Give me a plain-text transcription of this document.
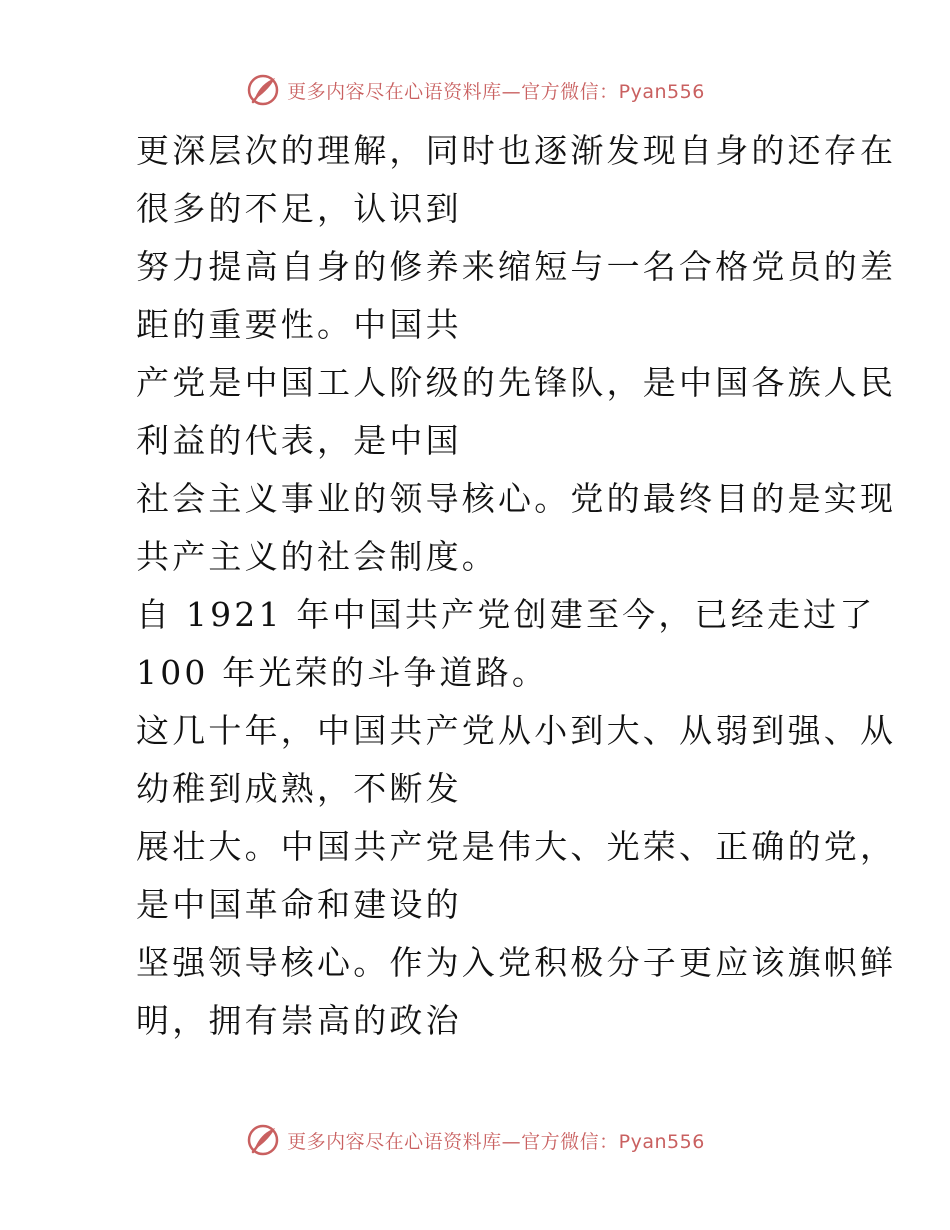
更多内容尽在心语资料库—官方微信：Pyan556

更深层次的理解，同时也逐渐发现自身的还存在
很多的不足，认识到

努力提高自身的修养来缩短与一名合格党员的差
距的重要性。中国共

产党是中国工人阶级的先锋队，是中国各族人民
利益的代表，是中国

社会主义事业的领导核心。党的最终目的是实现
共产主义的社会制度。

自 1921 年中国共产党创建至今，已经走过了
100 年光荣的斗争道路。

这几十年，中国共产党从小到大、从弱到强、从
幼稚到成熟，不断发

展壮大。中国共产党是伟大、光荣、正确的党，
是中国革命和建设的

坚强领导核心。作为入党积极分子更应该旗帜鲜
明，拥有崇高的政治

更多内容尽在心语资料库—官方微信：Pyan556
